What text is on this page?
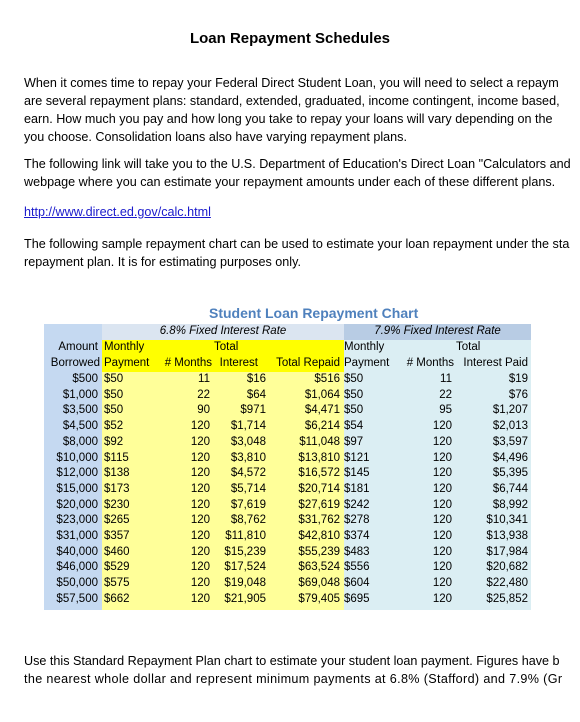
Loan Repayment Schedules
When it comes time to repay your Federal Direct Student Loan, you will need to select a repaym
are several repayment plans: standard, extended, graduated, income contingent, income based,
earn. How much you pay and how long you take to repay your loans will vary depending on the
you choose. Consolidation loans also have varying repayment plans.
The following link will take you to the U.S. Department of Education's Direct Loan "Calculators and
webpage where you can estimate your repayment amounts under each of these different plans.
http://www.direct.ed.gov/calc.html
The following sample repayment chart can be used to estimate your loan repayment under the sta
repayment plan. It is for estimating purposes only.
Student Loan Repayment Chart
6.8% Fixed Interest Rate	7.9% Fixed Interest Rate
Amount Monthly	Total	Monthly	Total
Borrowed Payment	# Months Interest	Total Repaid Payment	# Months Interest Paid
$500 $50	11	$16	$516 $50	11	$19
$1,000 $50	22	$64	$1,064 $50	22	$76
$3,500 $50	90	$971	$4,471 $50	95	$1,207
$4,500 $52	120	$1,714	$6,214 $54	120	$2,013
$8,000 $92	120	$3,048	$11,048 $97	120	$3,597
$10,000 $115	120	$3,810	$13,810 $121	120	$4,496
$12,000 $138	120	$4,572	$16,572 $145	120	$5,395
$15,000 $173	120	$5,714	$20,714 $181	120	$6,744
$20,000 $230	120	$7,619	$27,619 $242	120	$8,992
$23,000 $265	120	$8,762	$31,762 $278	120	$10,341
$31,000 $357	120	$11,810	$42,810 $374	120	$13,938
$40,000 $460	120	$15,239	$55,239 $483	120	$17,984
$46,000 $529	120	$17,524	$63,524 $556	120	$20,682
$50,000 $575	120	$19,048	$69,048 $604	120	$22,480
$57,500 $662	120	$21,905	$79,405 $695	120	$25,852
Use this Standard Repayment Plan chart to estimate your student loan payment. Figures have b
the nearest whole dollar and represent minimum payments at 6.8% (Stafford) and 7.9% (Gr
